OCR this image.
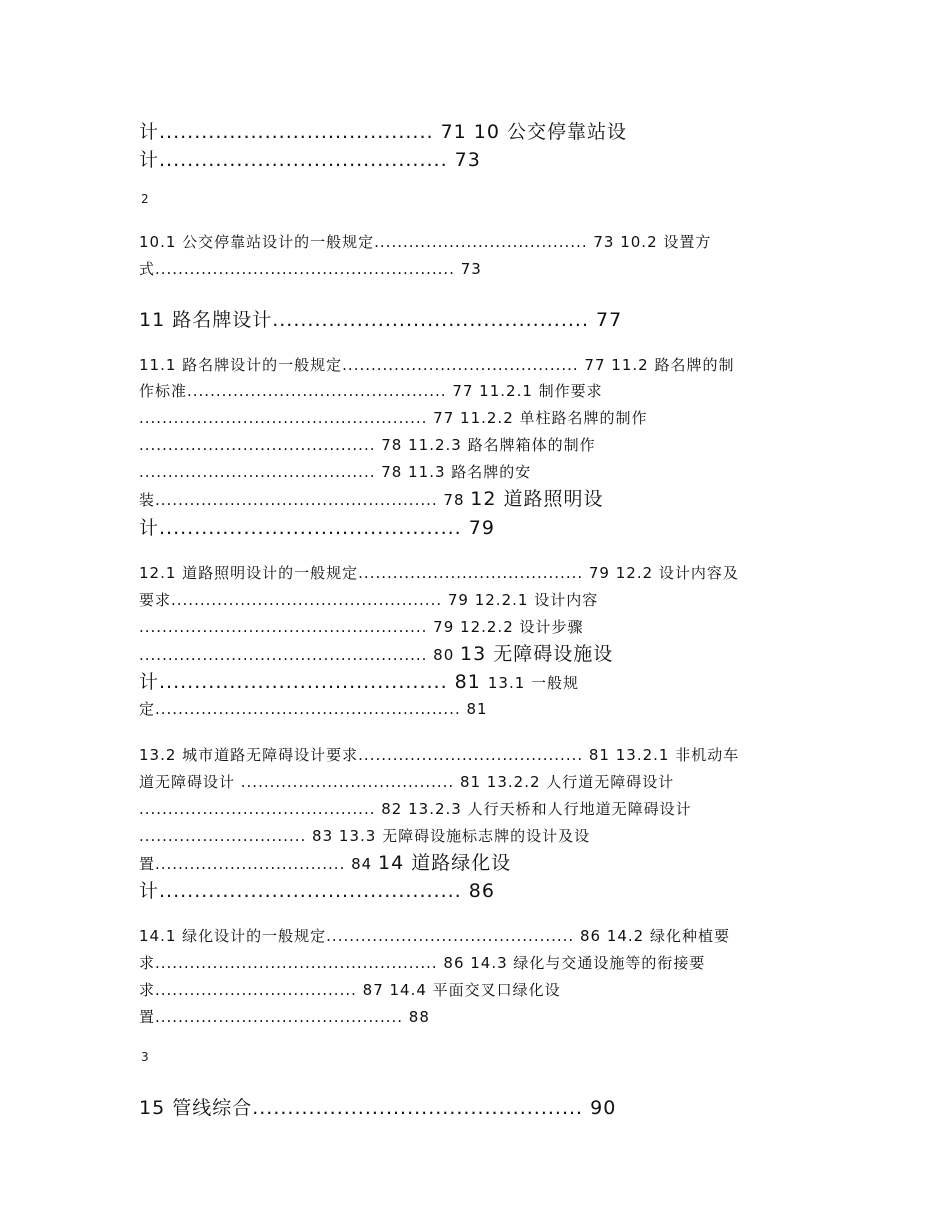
计....................................... 71 10 公交停靠站设
计......................................... 73
2
10.1 公交停靠站设计的一般规定..................................... 73 10.2 设置方
式.................................................... 73
11 路名牌设计............................................. 77
11.1 路名牌设计的一般规定......................................... 77 11.2 路名牌的制
作标准............................................. 77 11.2.1 制作要求
.................................................. 77 11.2.2 单柱路名牌的制作
......................................... 78 11.2.3 路名牌箱体的制作
......................................... 78 11.3 路名牌的安
装................................................. 78 12 道路照明设
计........................................... 79
12.1 道路照明设计的一般规定....................................... 79 12.2 设计内容及
要求............................................... 79 12.2.1 设计内容
.................................................. 79 12.2.2 设计步骤
.................................................. 80 13 无障碍设施设
计......................................... 81 13.1 一般规
定..................................................... 81
13.2 城市道路无障碍设计要求....................................... 81 13.2.1 非机动车
道无障碍设计 ..................................... 81 13.2.2 人行道无障碍设计
......................................... 82 13.2.3 人行天桥和人行地道无障碍设计
............................. 83 13.3 无障碍设施标志牌的设计及设
置................................. 84 14 道路绿化设
计........................................... 86
14.1 绿化设计的一般规定........................................... 86 14.2 绿化种植要
求................................................. 86 14.3 绿化与交通设施等的衔接要
求................................... 87 14.4 平面交叉口绿化设
置........................................... 88
3
15 管线综合............................................... 90
